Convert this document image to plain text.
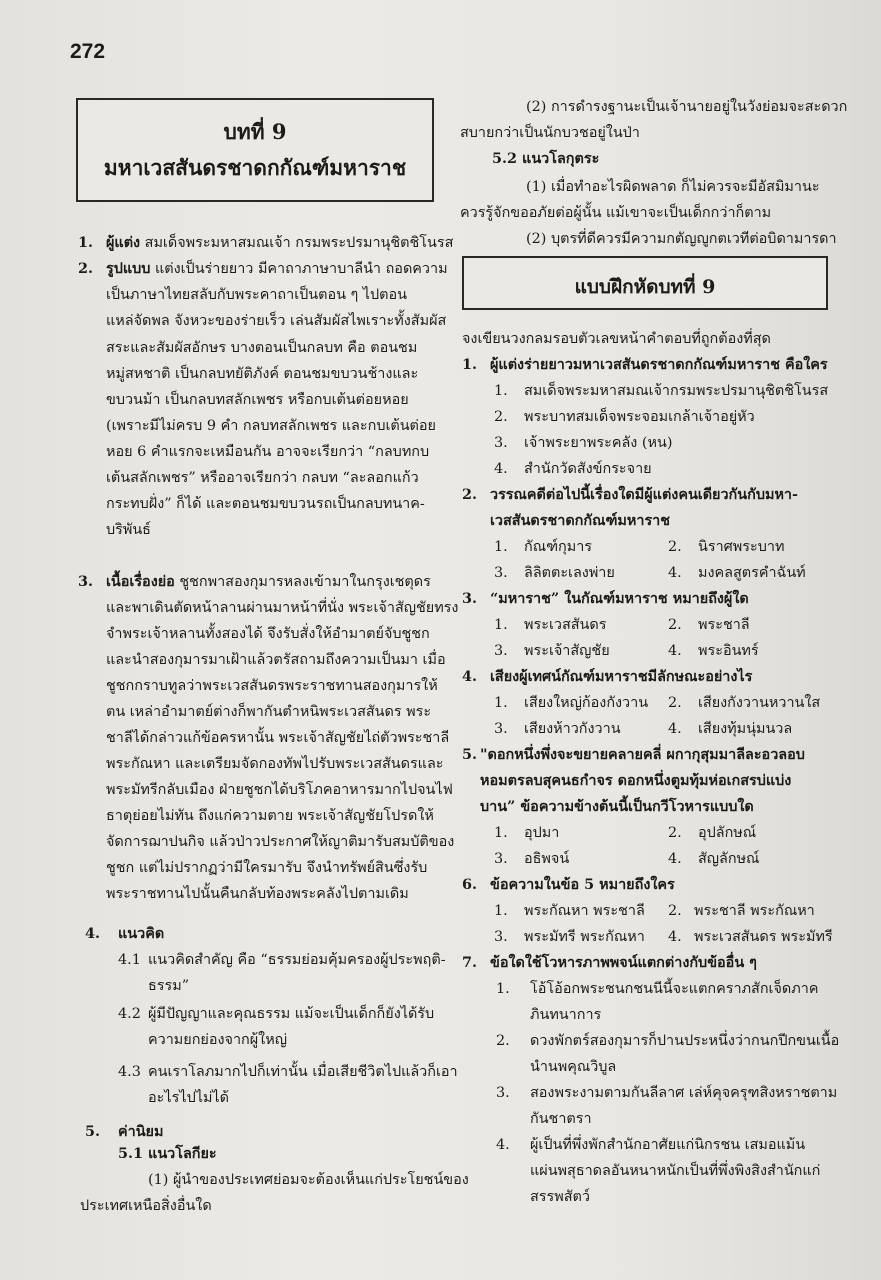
272
บทที่ 9
มหาเวสสันดรชาดกกัณฑ์มหาราช
1. ผู้แต่ง สมเด็จพระมหาสมณเจ้า กรมพระปรมานุชิตชิโนรส
2. รูปแบบ แต่งเป็นร่ายยาว มีคาถาภาษาบาลีนำ ถอดความ
เป็นภาษาไทยสลับกับพระคาถาเป็นตอน ๆ ไปตอน
แหล่จัดพล จังหวะของร่ายเร็ว เล่นสัมผัสไพเราะทั้งสัมผัส
สระและสัมผัสอักษร บางตอนเป็นกลบท คือ ตอนชม
หมู่สหชาติ เป็นกลบทยัติภังค์ ตอนชมขบวนช้างและ
ขบวนม้า เป็นกลบทสลักเพชร หรือกบเต้นต่อยหอย
(เพราะมีไม่ครบ 9 คำ กลบทสลักเพชร และกบเต้นต่อย
หอย 6 คำแรกจะเหมือนกัน อาจจะเรียกว่า “กลบทกบ
เต้นสลักเพชร” หรืออาจเรียกว่า กลบท “ละลอกแก้ว
กระทบฝั่ง” ก็ได้ และตอนชมขบวนรถเป็นกลบทนาค-
บริพันธ์
3. เนื้อเรื่องย่อ ชูชกพาสองกุมารหลงเข้ามาในกรุงเชตุดร
และพาเดินตัดหน้าลานผ่านมาหน้าที่นั่ง พระเจ้าสัญชัยทรง
จำพระเจ้าหลานทั้งสองได้ จึงรับสั่งให้อำมาตย์จับชูชก
และนำสองกุมารมาเฝ้าแล้วตรัสถามถึงความเป็นมา เมื่อ
ชูชกกราบทูลว่าพระเวสสันดรพระราชทานสองกุมารให้
ตน เหล่าอำมาตย์ต่างก็พากันตำหนิพระเวสสันดร พระ
ชาลีได้กล่าวแก้ข้อครหานั้น พระเจ้าสัญชัยไถ่ตัวพระชาลี
พระกัณหา และเตรียมจัดกองทัพไปรับพระเวสสันดรและ
พระมัทรีกลับเมือง ฝ่ายชูชกได้บริโภคอาหารมากไปจนไฟ
ธาตุย่อยไม่ทัน ถึงแก่ความตาย พระเจ้าสัญชัยโปรดให้
จัดการฌาปนกิจ แล้วป่าวประกาศให้ญาติมารับสมบัติของ
ชูชก แต่ไม่ปรากฏว่ามีใครมารับ จึงนำทรัพย์สินซึ่งรับ
พระราชทานไปนั้นคืนกลับท้องพระคลังไปตามเดิม
4. แนวคิด
4.1 แนวคิดสำคัญ คือ “ธรรมย่อมคุ้มครองผู้ประพฤติ-
ธรรม”
4.2 ผู้มีปัญญาและคุณธรรม แม้จะเป็นเด็กก็ยังได้รับ
ความยกย่องจากผู้ใหญ่
4.3 คนเราโลภมากไปก็เท่านั้น เมื่อเสียชีวิตไปแล้วก็เอา
อะไรไปไม่ได้
5. ค่านิยม
5.1 แนวโลกียะ
(1) ผู้นำของประเทศย่อมจะต้องเห็นแก่ประโยชน์ของ
ประเทศเหนือสิ่งอื่นใด
(2) การดำรงฐานะเป็นเจ้านายอยู่ในวังย่อมจะสะดวก
สบายกว่าเป็นนักบวชอยู่ในป่า
5.2 แนวโลกุตระ
(1) เมื่อทำอะไรผิดพลาด ก็ไม่ควรจะมีอัสมิมานะ
ควรรู้จักขออภัยต่อผู้นั้น แม้เขาจะเป็นเด็กกว่าก็ตาม
(2) บุตรที่ดีควรมีความกตัญญูกตเวทีต่อบิดามารดา
แบบฝึกหัดบทที่ 9
จงเขียนวงกลมรอบตัวเลขหน้าคำตอบที่ถูกต้องที่สุด
1. ผู้แต่งร่ายยาวมหาเวสสันดรชาดกกัณฑ์มหาราช คือใคร
1. สมเด็จพระมหาสมณเจ้ากรมพระปรมานุชิตชิโนรส
2. พระบาทสมเด็จพระจอมเกล้าเจ้าอยู่หัว
3. เจ้าพระยาพระคลัง (หน)
4. สำนักวัดสังข์กระจาย
2. วรรณคดีต่อไปนี้เรื่องใดมีผู้แต่งคนเดียวกันกับมหา-
เวสสันดรชาดกกัณฑ์มหาราช
1. กัณฑ์กุมาร	2. นิราศพระบาท
3. ลิลิตตะเลงพ่าย	4. มงคลสูตรคำฉันท์
3. “มหาราช” ในกัณฑ์มหาราช หมายถึงผู้ใด
1. พระเวสสันดร	2. พระชาลี
3. พระเจ้าสัญชัย	4. พระอินทร์
4. เสียงผู้เทศน์กัณฑ์มหาราชมีลักษณะอย่างไร
1. เสียงใหญ่ก้องกังวาน 2. เสียงกังวานหวานใส
3. เสียงห้าวกังวาน	4. เสียงทุ้มนุ่มนวล
5. "ดอกหนึ่งพึ่งจะขยายคลายคลี่ ผกากุสุมมาลีละอวลอบ
หอมตรลบสุคนธกำจร ดอกหนึ่งตูมทุ้มห่อเกสรบ่แบ่ง
บาน” ข้อความข้างต้นนี้เป็นกวีโวหารแบบใด
1. อุปมา	2. อุปลักษณ์
3. อธิพจน์	4. สัญลักษณ์
6. ข้อความในข้อ 5 หมายถึงใคร
1. พระกัณหา พระชาลี 2. พระชาลี พระกัณหา
3. พระมัทรี พระกัณหา 4. พระเวสสันดร พระมัทรี
7. ข้อใดใช้โวหารภาพพจน์แตกต่างกับข้ออื่น ๆ
1. โอ้โอ้อกพระชนกชนนีนี้จะแตกคราภสักเจ็ดภาค
ภินทนาการ
2. ดวงพักตร์สองกุมารก็ปานประหนึ่งว่ากนกปีกขนเนื้อ
นำนพคุณวิบูล
3. สองพระงามตามกันลีลาศ เล่ห์คุจครุฑสิงหราชตาม
กันชาตรา
4. ผู้เป็นที่พึ่งพักสำนักอาศัยแก่นิกรชน เสมอแม้น
แผ่นพสุธาดลอันหนาหนักเป็นที่พึ่งพิงสิงสำนักแก่
สรรพสัตว์
